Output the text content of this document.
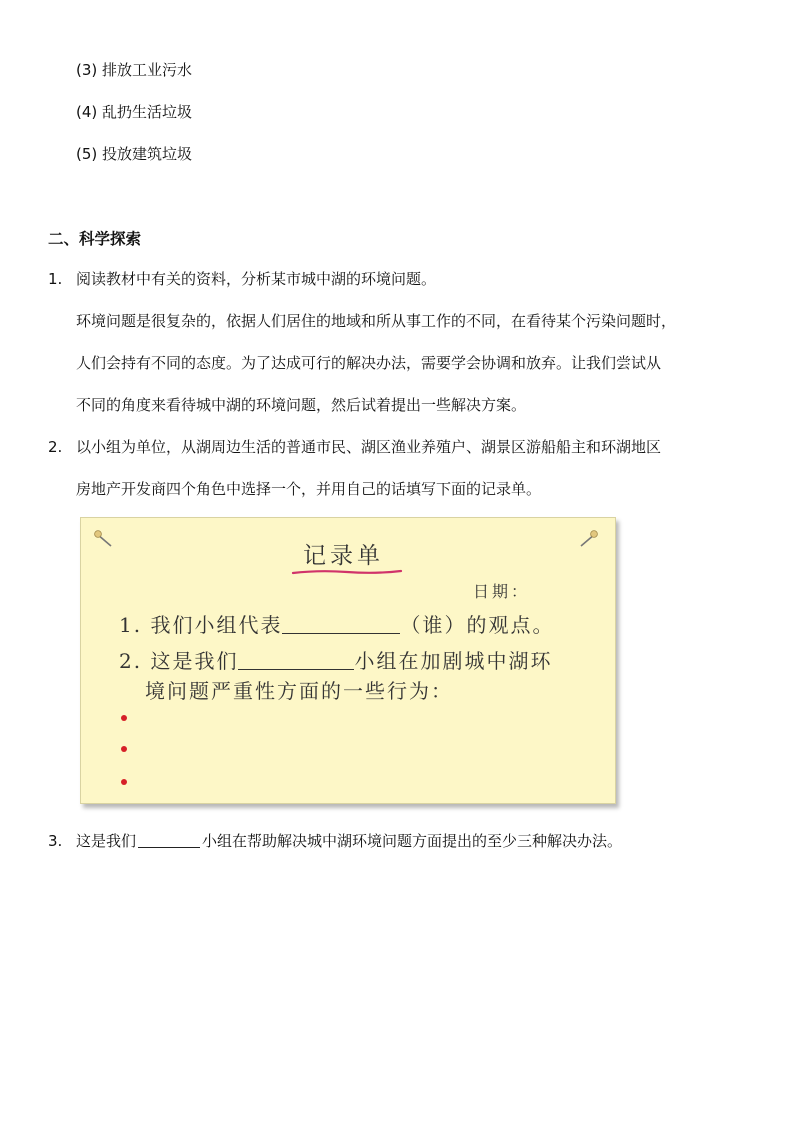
(3) 排放工业污水
(4) 乱扔生活垃圾
(5) 投放建筑垃圾
二、科学探索
1. 阅读教材中有关的资料，分析某市城中湖的环境问题。
环境问题是很复杂的，依据人们居住的地域和所从事工作的不同，在看待某个污染问题时，
人们会持有不同的态度。为了达成可行的解决办法，需要学会协调和放弃。让我们尝试从
不同的角度来看待城中湖的环境问题，然后试着提出一些解决方案。
2. 以小组为单位，从湖周边生活的普通市民、湖区渔业养殖户、湖景区游船船主和环湖地区
房地产开发商四个角色中选择一个，并用自己的话填写下面的记录单。
记录单
日期：
1. 我们小组代表	（谁）的观点。
2. 这是我们	小组在加剧城中湖环
境问题严重性方面的一些行为：
3. 这是我们	小组在帮助解决城中湖环境问题方面提出的至少三种解决办法。
